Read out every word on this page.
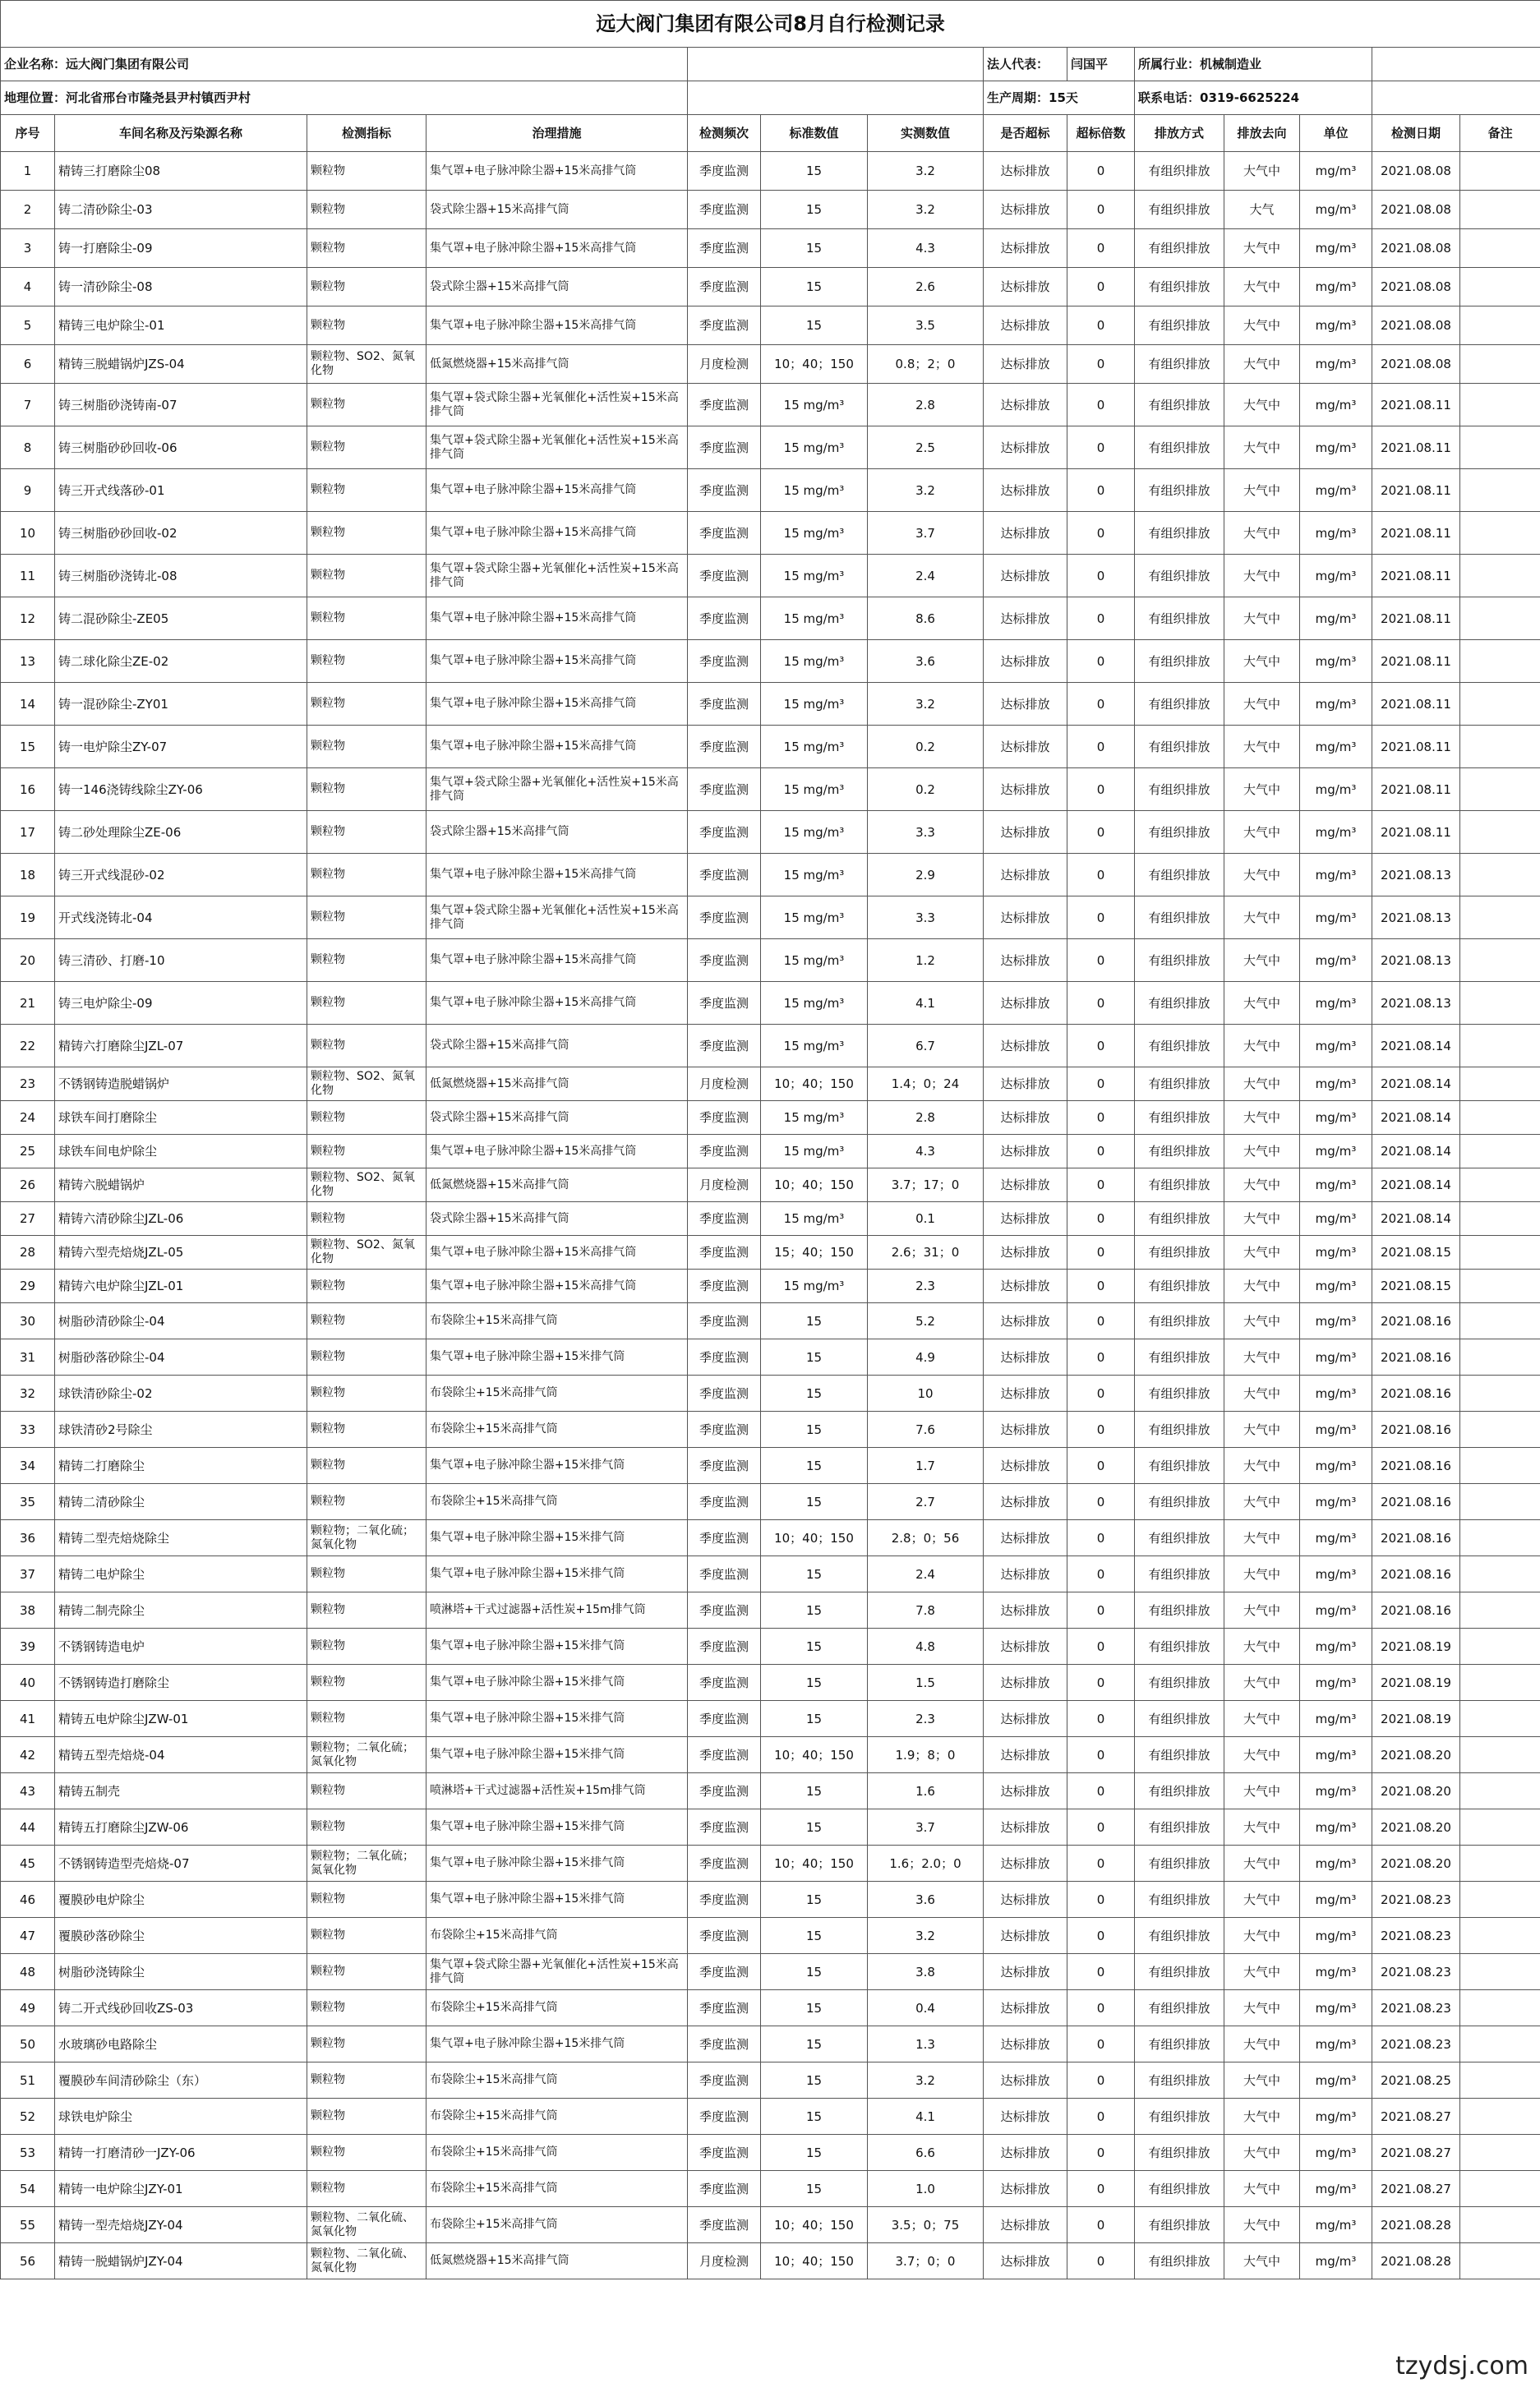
远大阀门集团有限公司8月自行检测记录													
企业名称：远大阀门集团有限公司							法人代表：	闫国平	所属行业：机械制造业				
地理位置：河北省邢台市隆尧县尹村镇西尹村							生产周期：15天		联系电话：0319-6625224				
序号	车间名称及污染源名称	检测指标	治理措施	检测频次	标准数值	实测数值	是否超标	超标倍数	排放方式	排放去向	单位	检测日期	备注
1	精铸三打磨除尘08	颗粒物	集气罩+电子脉冲除尘器+15米高排气筒	季度监测	15	3.2	达标排放	0	有组织排放	大气中	mg/m³	2021.08.08	
2	铸二清砂除尘-03	颗粒物	袋式除尘器+15米高排气筒	季度监测	15	3.2	达标排放	0	有组织排放	大气	mg/m³	2021.08.08	
3	铸一打磨除尘-09	颗粒物	集气罩+电子脉冲除尘器+15米高排气筒	季度监测	15	4.3	达标排放	0	有组织排放	大气中	mg/m³	2021.08.08	
4	铸一清砂除尘-08	颗粒物	袋式除尘器+15米高排气筒	季度监测	15	2.6	达标排放	0	有组织排放	大气中	mg/m³	2021.08.08	
5	精铸三电炉除尘-01	颗粒物	集气罩+电子脉冲除尘器+15米高排气筒	季度监测	15	3.5	达标排放	0	有组织排放	大气中	mg/m³	2021.08.08	
6	精铸三脱蜡锅炉JZS-04	颗粒物、SO2、氮氧化物	低氮燃烧器+15米高排气筒	月度检测	10；40；150	0.8；2；0	达标排放	0	有组织排放	大气中	mg/m³	2021.08.08	
7	铸三树脂砂浇铸南-07	颗粒物	集气罩+袋式除尘器+光氧催化+活性炭+15米高排气筒	季度监测	15 mg/m³	2.8	达标排放	0	有组织排放	大气中	mg/m³	2021.08.11	
8	铸三树脂砂砂回收-06	颗粒物	集气罩+袋式除尘器+光氧催化+活性炭+15米高排气筒	季度监测	15 mg/m³	2.5	达标排放	0	有组织排放	大气中	mg/m³	2021.08.11	
9	铸三开式线落砂-01	颗粒物	集气罩+电子脉冲除尘器+15米高排气筒	季度监测	15 mg/m³	3.2	达标排放	0	有组织排放	大气中	mg/m³	2021.08.11	
10	铸三树脂砂砂回收-02	颗粒物	集气罩+电子脉冲除尘器+15米高排气筒	季度监测	15 mg/m³	3.7	达标排放	0	有组织排放	大气中	mg/m³	2021.08.11	
11	铸三树脂砂浇铸北-08	颗粒物	集气罩+袋式除尘器+光氧催化+活性炭+15米高排气筒	季度监测	15 mg/m³	2.4	达标排放	0	有组织排放	大气中	mg/m³	2021.08.11	
12	铸二混砂除尘-ZE05	颗粒物	集气罩+电子脉冲除尘器+15米高排气筒	季度监测	15 mg/m³	8.6	达标排放	0	有组织排放	大气中	mg/m³	2021.08.11	
13	铸二球化除尘ZE-02	颗粒物	集气罩+电子脉冲除尘器+15米高排气筒	季度监测	15 mg/m³	3.6	达标排放	0	有组织排放	大气中	mg/m³	2021.08.11	
14	铸一混砂除尘-ZY01	颗粒物	集气罩+电子脉冲除尘器+15米高排气筒	季度监测	15 mg/m³	3.2	达标排放	0	有组织排放	大气中	mg/m³	2021.08.11	
15	铸一电炉除尘ZY-07	颗粒物	集气罩+电子脉冲除尘器+15米高排气筒	季度监测	15 mg/m³	0.2	达标排放	0	有组织排放	大气中	mg/m³	2021.08.11	
16	铸一146浇铸线除尘ZY-06	颗粒物	集气罩+袋式除尘器+光氧催化+活性炭+15米高排气筒	季度监测	15 mg/m³	0.2	达标排放	0	有组织排放	大气中	mg/m³	2021.08.11	
17	铸二砂处理除尘ZE-06	颗粒物	袋式除尘器+15米高排气筒	季度监测	15 mg/m³	3.3	达标排放	0	有组织排放	大气中	mg/m³	2021.08.11	
18	铸三开式线混砂-02	颗粒物	集气罩+电子脉冲除尘器+15米高排气筒	季度监测	15 mg/m³	2.9	达标排放	0	有组织排放	大气中	mg/m³	2021.08.13	
19	开式线浇铸北-04	颗粒物	集气罩+袋式除尘器+光氧催化+活性炭+15米高排气筒	季度监测	15 mg/m³	3.3	达标排放	0	有组织排放	大气中	mg/m³	2021.08.13	
20	铸三清砂、打磨-10	颗粒物	集气罩+电子脉冲除尘器+15米高排气筒	季度监测	15 mg/m³	1.2	达标排放	0	有组织排放	大气中	mg/m³	2021.08.13	
21	铸三电炉除尘-09	颗粒物	集气罩+电子脉冲除尘器+15米高排气筒	季度监测	15 mg/m³	4.1	达标排放	0	有组织排放	大气中	mg/m³	2021.08.13	
22	精铸六打磨除尘JZL-07	颗粒物	袋式除尘器+15米高排气筒	季度监测	15 mg/m³	6.7	达标排放	0	有组织排放	大气中	mg/m³	2021.08.14	
23	不锈钢铸造脱蜡锅炉	颗粒物、SO2、氮氧化物	低氮燃烧器+15米高排气筒	月度检测	10；40；150	1.4；0；24	达标排放	0	有组织排放	大气中	mg/m³	2021.08.14	
24	球铁车间打磨除尘	颗粒物	袋式除尘器+15米高排气筒	季度监测	15 mg/m³	2.8	达标排放	0	有组织排放	大气中	mg/m³	2021.08.14	
25	球铁车间电炉除尘	颗粒物	集气罩+电子脉冲除尘器+15米高排气筒	季度监测	15 mg/m³	4.3	达标排放	0	有组织排放	大气中	mg/m³	2021.08.14	
26	精铸六脱蜡锅炉	颗粒物、SO2、氮氧化物	低氮燃烧器+15米高排气筒	月度检测	10；40；150	3.7；17；0	达标排放	0	有组织排放	大气中	mg/m³	2021.08.14	
27	精铸六清砂除尘JZL-06	颗粒物	袋式除尘器+15米高排气筒	季度监测	15 mg/m³	0.1	达标排放	0	有组织排放	大气中	mg/m³	2021.08.14	
28	精铸六型壳焙烧JZL-05	颗粒物、SO2、氮氧化物	集气罩+电子脉冲除尘器+15米高排气筒	季度监测	15；40；150	2.6；31；0	达标排放	0	有组织排放	大气中	mg/m³	2021.08.15	
29	精铸六电炉除尘JZL-01	颗粒物	集气罩+电子脉冲除尘器+15米高排气筒	季度监测	15 mg/m³	2.3	达标排放	0	有组织排放	大气中	mg/m³	2021.08.15	
30	树脂砂清砂除尘-04	颗粒物	布袋除尘+15米高排气筒	季度监测	15	5.2	达标排放	0	有组织排放	大气中	mg/m³	2021.08.16	
31	树脂砂落砂除尘-04	颗粒物	集气罩+电子脉冲除尘器+15米排气筒	季度监测	15	4.9	达标排放	0	有组织排放	大气中	mg/m³	2021.08.16	
32	球铁清砂除尘-02	颗粒物	布袋除尘+15米高排气筒	季度监测	15	10	达标排放	0	有组织排放	大气中	mg/m³	2021.08.16	
33	球铁清砂2号除尘	颗粒物	布袋除尘+15米高排气筒	季度监测	15	7.6	达标排放	0	有组织排放	大气中	mg/m³	2021.08.16	
34	精铸二打磨除尘	颗粒物	集气罩+电子脉冲除尘器+15米排气筒	季度监测	15	1.7	达标排放	0	有组织排放	大气中	mg/m³	2021.08.16	
35	精铸二清砂除尘	颗粒物	布袋除尘+15米高排气筒	季度监测	15	2.7	达标排放	0	有组织排放	大气中	mg/m³	2021.08.16	
36	精铸二型壳焙烧除尘	颗粒物；二氧化硫；氮氧化物	集气罩+电子脉冲除尘器+15米排气筒	季度监测	10；40；150	2.8；0；56	达标排放	0	有组织排放	大气中	mg/m³	2021.08.16	
37	精铸二电炉除尘	颗粒物	集气罩+电子脉冲除尘器+15米排气筒	季度监测	15	2.4	达标排放	0	有组织排放	大气中	mg/m³	2021.08.16	
38	精铸二制壳除尘	颗粒物	喷淋塔+干式过滤器+活性炭+15m排气筒	季度监测	15	7.8	达标排放	0	有组织排放	大气中	mg/m³	2021.08.16	
39	不锈钢铸造电炉	颗粒物	集气罩+电子脉冲除尘器+15米排气筒	季度监测	15	4.8	达标排放	0	有组织排放	大气中	mg/m³	2021.08.19	
40	不锈钢铸造打磨除尘	颗粒物	集气罩+电子脉冲除尘器+15米排气筒	季度监测	15	1.5	达标排放	0	有组织排放	大气中	mg/m³	2021.08.19	
41	精铸五电炉除尘JZW-01	颗粒物	集气罩+电子脉冲除尘器+15米排气筒	季度监测	15	2.3	达标排放	0	有组织排放	大气中	mg/m³	2021.08.19	
42	精铸五型壳焙烧-04	颗粒物；二氧化硫；氮氧化物	集气罩+电子脉冲除尘器+15米排气筒	季度监测	10；40；150	1.9；8；0	达标排放	0	有组织排放	大气中	mg/m³	2021.08.20	
43	精铸五制壳	颗粒物	喷淋塔+干式过滤器+活性炭+15m排气筒	季度监测	15	1.6	达标排放	0	有组织排放	大气中	mg/m³	2021.08.20	
44	精铸五打磨除尘JZW-06	颗粒物	集气罩+电子脉冲除尘器+15米排气筒	季度监测	15	3.7	达标排放	0	有组织排放	大气中	mg/m³	2021.08.20	
45	不锈钢铸造型壳焙烧-07	颗粒物；二氧化硫；氮氧化物	集气罩+电子脉冲除尘器+15米排气筒	季度监测	10；40；150	1.6；2.0；0	达标排放	0	有组织排放	大气中	mg/m³	2021.08.20	
46	覆膜砂电炉除尘	颗粒物	集气罩+电子脉冲除尘器+15米排气筒	季度监测	15	3.6	达标排放	0	有组织排放	大气中	mg/m³	2021.08.23	
47	覆膜砂落砂除尘	颗粒物	布袋除尘+15米高排气筒	季度监测	15	3.2	达标排放	0	有组织排放	大气中	mg/m³	2021.08.23	
48	树脂砂浇铸除尘	颗粒物	集气罩+袋式除尘器+光氧催化+活性炭+15米高排气筒	季度监测	15	3.8	达标排放	0	有组织排放	大气中	mg/m³	2021.08.23	
49	铸二开式线砂回收ZS-03	颗粒物	布袋除尘+15米高排气筒	季度监测	15	0.4	达标排放	0	有组织排放	大气中	mg/m³	2021.08.23	
50	水玻璃砂电路除尘	颗粒物	集气罩+电子脉冲除尘器+15米排气筒	季度监测	15	1.3	达标排放	0	有组织排放	大气中	mg/m³	2021.08.23	
51	覆膜砂车间清砂除尘（东）	颗粒物	布袋除尘+15米高排气筒	季度监测	15	3.2	达标排放	0	有组织排放	大气中	mg/m³	2021.08.25	
52	球铁电炉除尘	颗粒物	布袋除尘+15米高排气筒	季度监测	15	4.1	达标排放	0	有组织排放	大气中	mg/m³	2021.08.27	
53	精铸一打磨清砂一JZY-06	颗粒物	布袋除尘+15米高排气筒	季度监测	15	6.6	达标排放	0	有组织排放	大气中	mg/m³	2021.08.27	
54	精铸一电炉除尘JZY-01	颗粒物	布袋除尘+15米高排气筒	季度监测	15	1.0	达标排放	0	有组织排放	大气中	mg/m³	2021.08.27	
55	精铸一型壳焙烧JZY-04	颗粒物、二氧化硫、氮氧化物	布袋除尘+15米高排气筒	季度监测	10；40；150	3.5；0；75	达标排放	0	有组织排放	大气中	mg/m³	2021.08.28	
56	精铸一脱蜡锅炉JZY-04	颗粒物、二氧化硫、氮氧化物	低氮燃烧器+15米高排气筒	月度检测	10；40；150	3.7；0；0	达标排放	0	有组织排放	大气中	mg/m³	2021.08.28	
tzydsj.com
